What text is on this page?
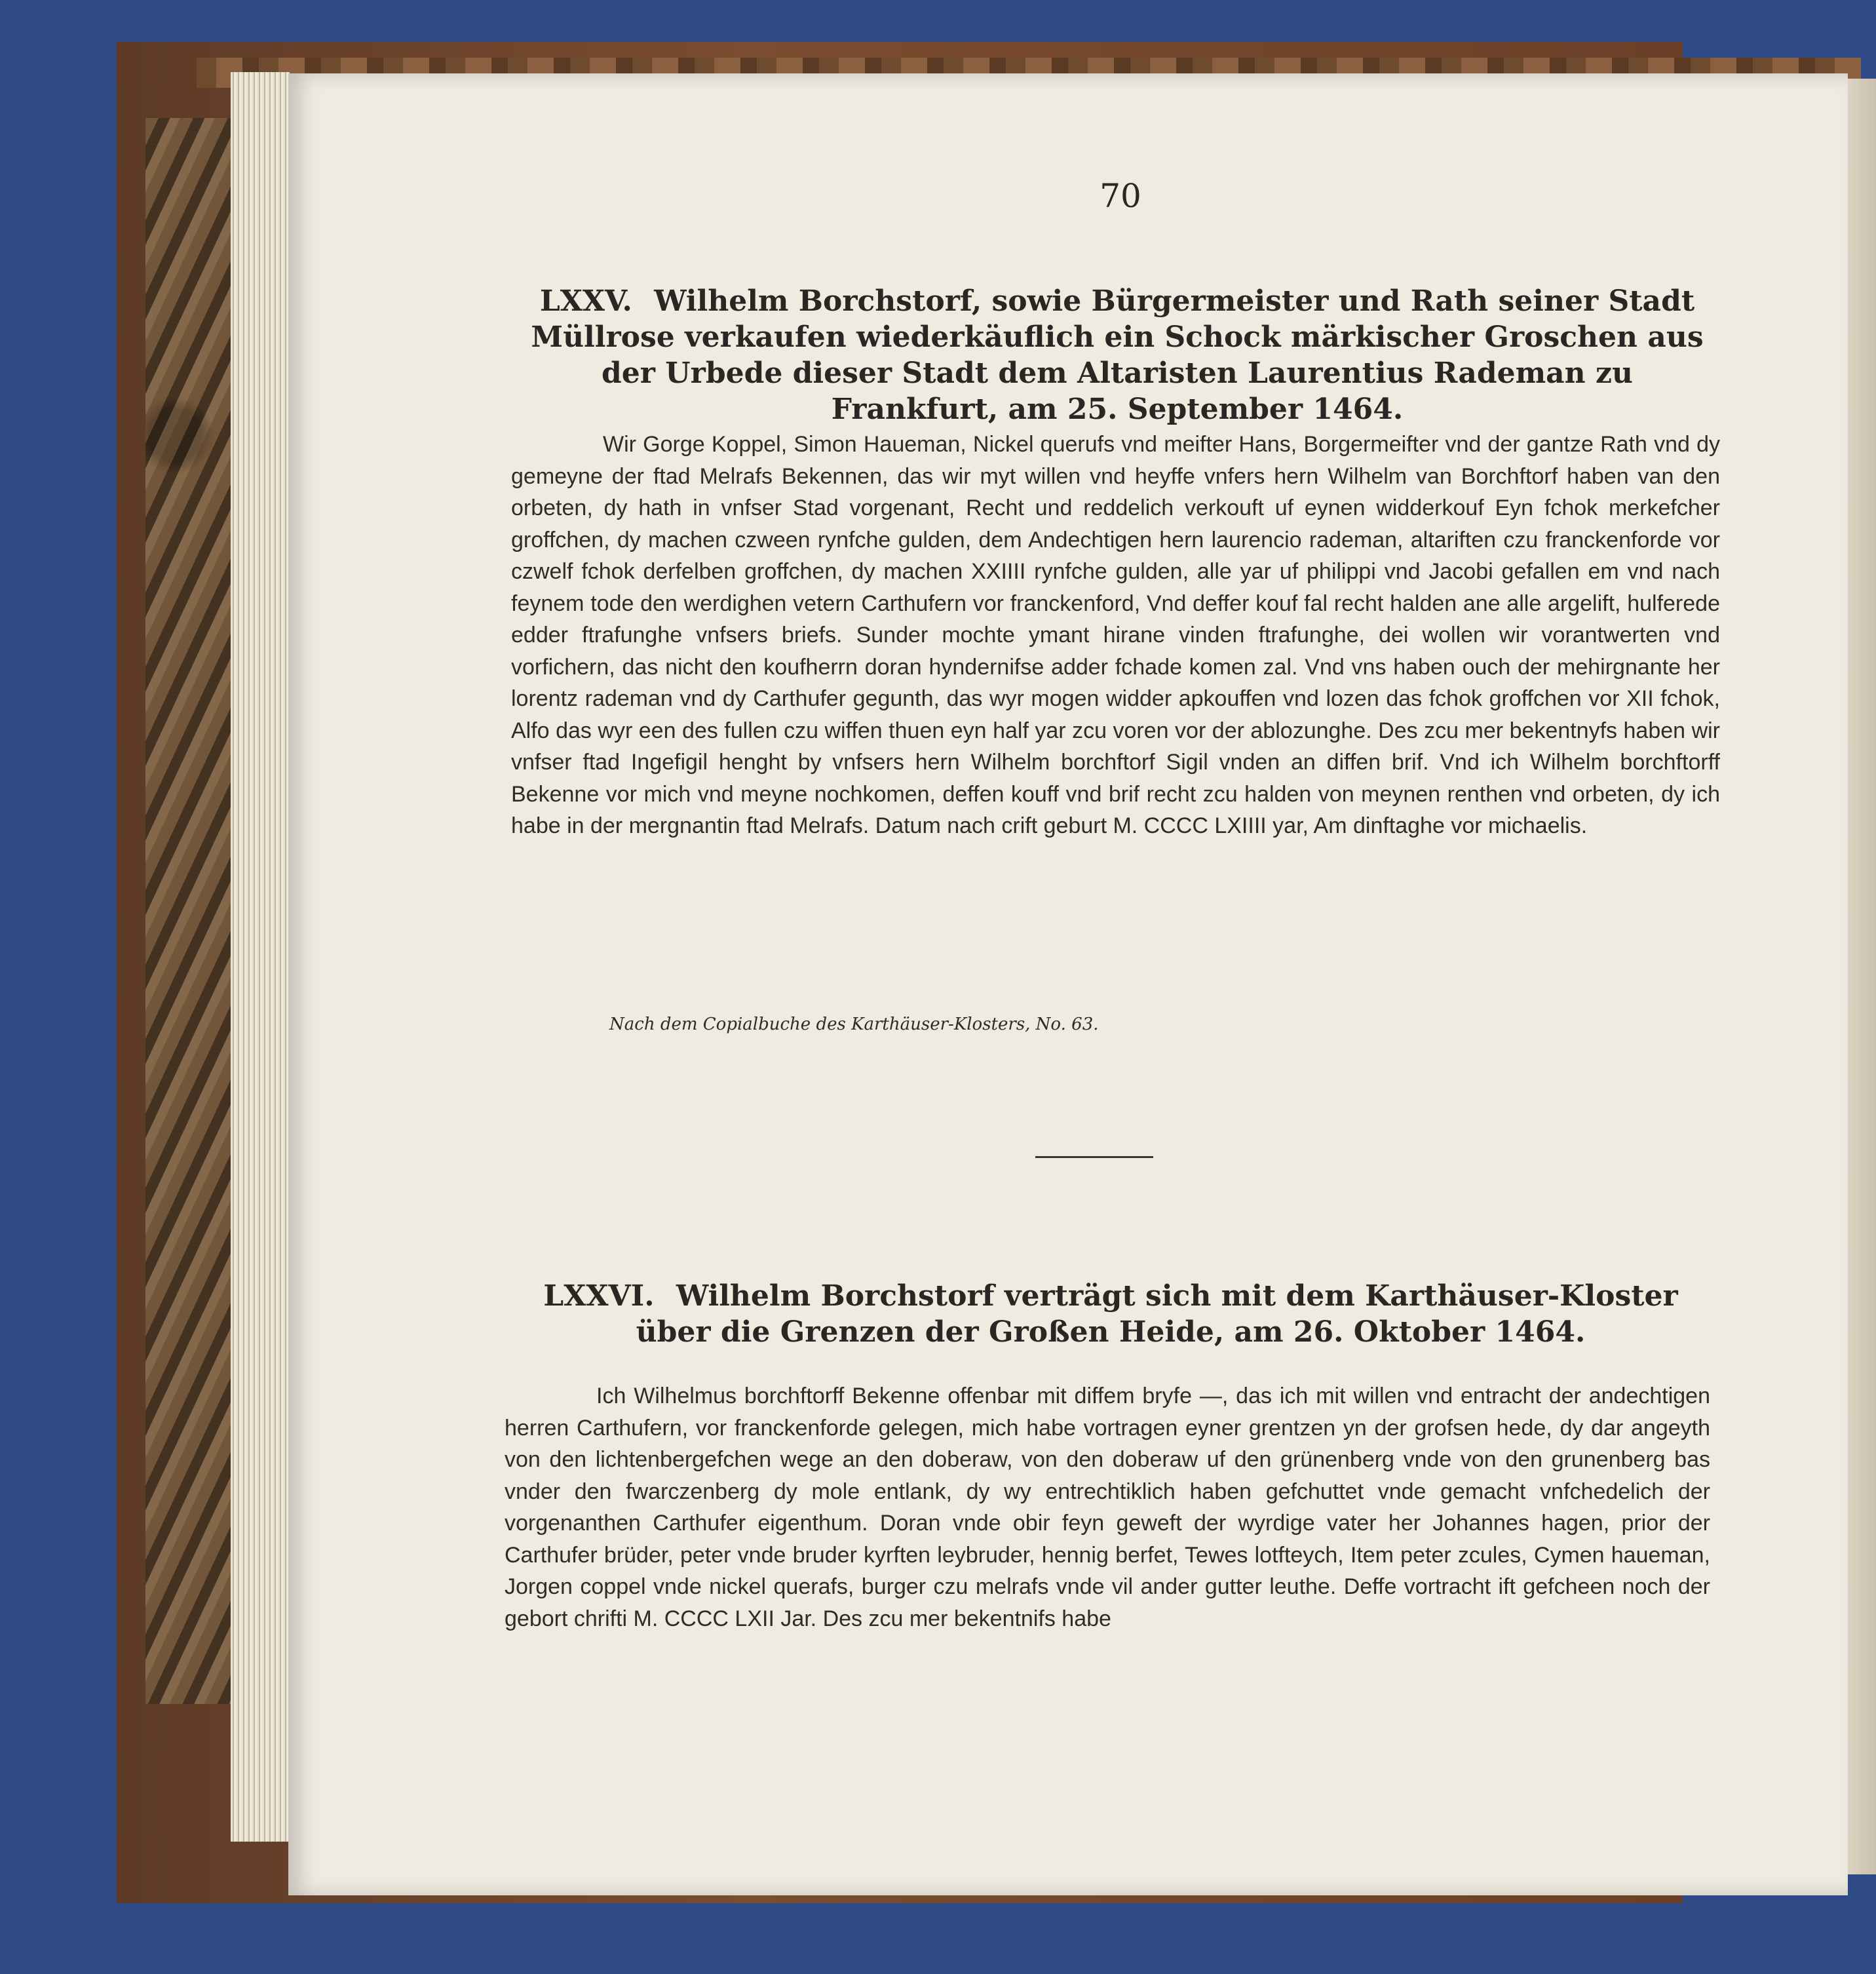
70
LXXV. Wilhelm Borchstorf, sowie Bürgermeister und Rath seiner Stadt Müllrose verkaufen wiederkäuflich ein Schock märkischer Groschen aus der Urbede dieser Stadt dem Altaristen Laurentius Rademan zu Frankfurt, am 25. September 1464.

Wir Gorge Koppel, Simon Haueman, Nickel querufs vnd meifter Hans, Borgermeifter vnd der gantze Rath vnd dy gemeyne der ftad Melrafs Bekennen, das wir myt willen vnd heyffe vnfers hern Wilhelm van Borchftorf haben van den orbeten, dy hath in vnfser Stad vorgenant, Recht und reddelich verkouft uf eynen widderkouf Eyn fchok merkefcher groffchen, dy machen czween rynfche gulden, dem Andechtigen hern laurencio rademan, altariften czu franckenforde vor czwelf fchok derfelben groffchen, dy machen XXIIII rynfche gulden, alle yar uf philippi vnd Jacobi gefallen em vnd nach feynem tode den werdighen vetern Carthufern vor franckenford, Vnd deffer kouf fal recht halden ane alle argelift, hulferede edder ftrafunghe vnfsers briefs. Sunder mochte ymant hirane vinden ftrafunghe, dei wollen wir vorantwerten vnd vorfichern, das nicht den koufherrn doran hyndernifse adder fchade komen zal. Vnd vns haben ouch der mehirgnante her lorentz rademan vnd dy Carthufer gegunth, das wyr mogen widder apkouffen vnd lozen das fchok groffchen vor XII fchok, Alfo das wyr een des fullen czu wiffen thuen eyn half yar zcu voren vor der ablozunghe. Des zcu mer bekentnyfs haben wir vnfser ftad Ingefigil henght by vnfsers hern Wilhelm borchftorf Sigil vnden an diffen brif. Vnd ich Wilhelm borchftorff Bekenne vor mich vnd meyne nochkomen, deffen kouff vnd brif recht zcu halden von meynen renthen vnd orbeten, dy ich habe in der mergnantin ftad Melrafs. Datum nach crift geburt M. CCCC LXIIII yar, Am dinftaghe vor michaelis.

Nach dem Copialbuche des Karthäuser-Klosters, No. 63.
LXXVI. Wilhelm Borchstorf verträgt sich mit dem Karthäuser-Kloster über die Grenzen der Großen Heide, am 26. Oktober 1464.

Ich Wilhelmus borchftorff Bekenne offenbar mit diffem bryfe —, das ich mit willen vnd entracht der andechtigen herren Carthufern, vor franckenforde gelegen, mich habe vortragen eyner grentzen yn der grofsen hede, dy dar angeyth von den lichtenbergefchen wege an den doberaw, von den doberaw uf den grünenberg vnde von den grunenberg bas vnder den fwarczenberg dy mole entlank, dy wy entrechtiklich haben gefchuttet vnde gemacht vnfchedelich der vorgenanthen Carthufer eigenthum. Doran vnde obir feyn geweft der wyrdige vater her Johannes hagen, prior der Carthufer brüder, peter vnde bruder kyrften leybruder, hennig berfet, Tewes lotfteych, Item peter zcules, Cymen haueman, Jorgen coppel vnde nickel querafs, burger czu melrafs vnde vil ander gutter leuthe. Deffe vortracht ift gefcheen noch der gebort chrifti M. CCCC LXII Jar. Des zcu mer bekentnifs habe
